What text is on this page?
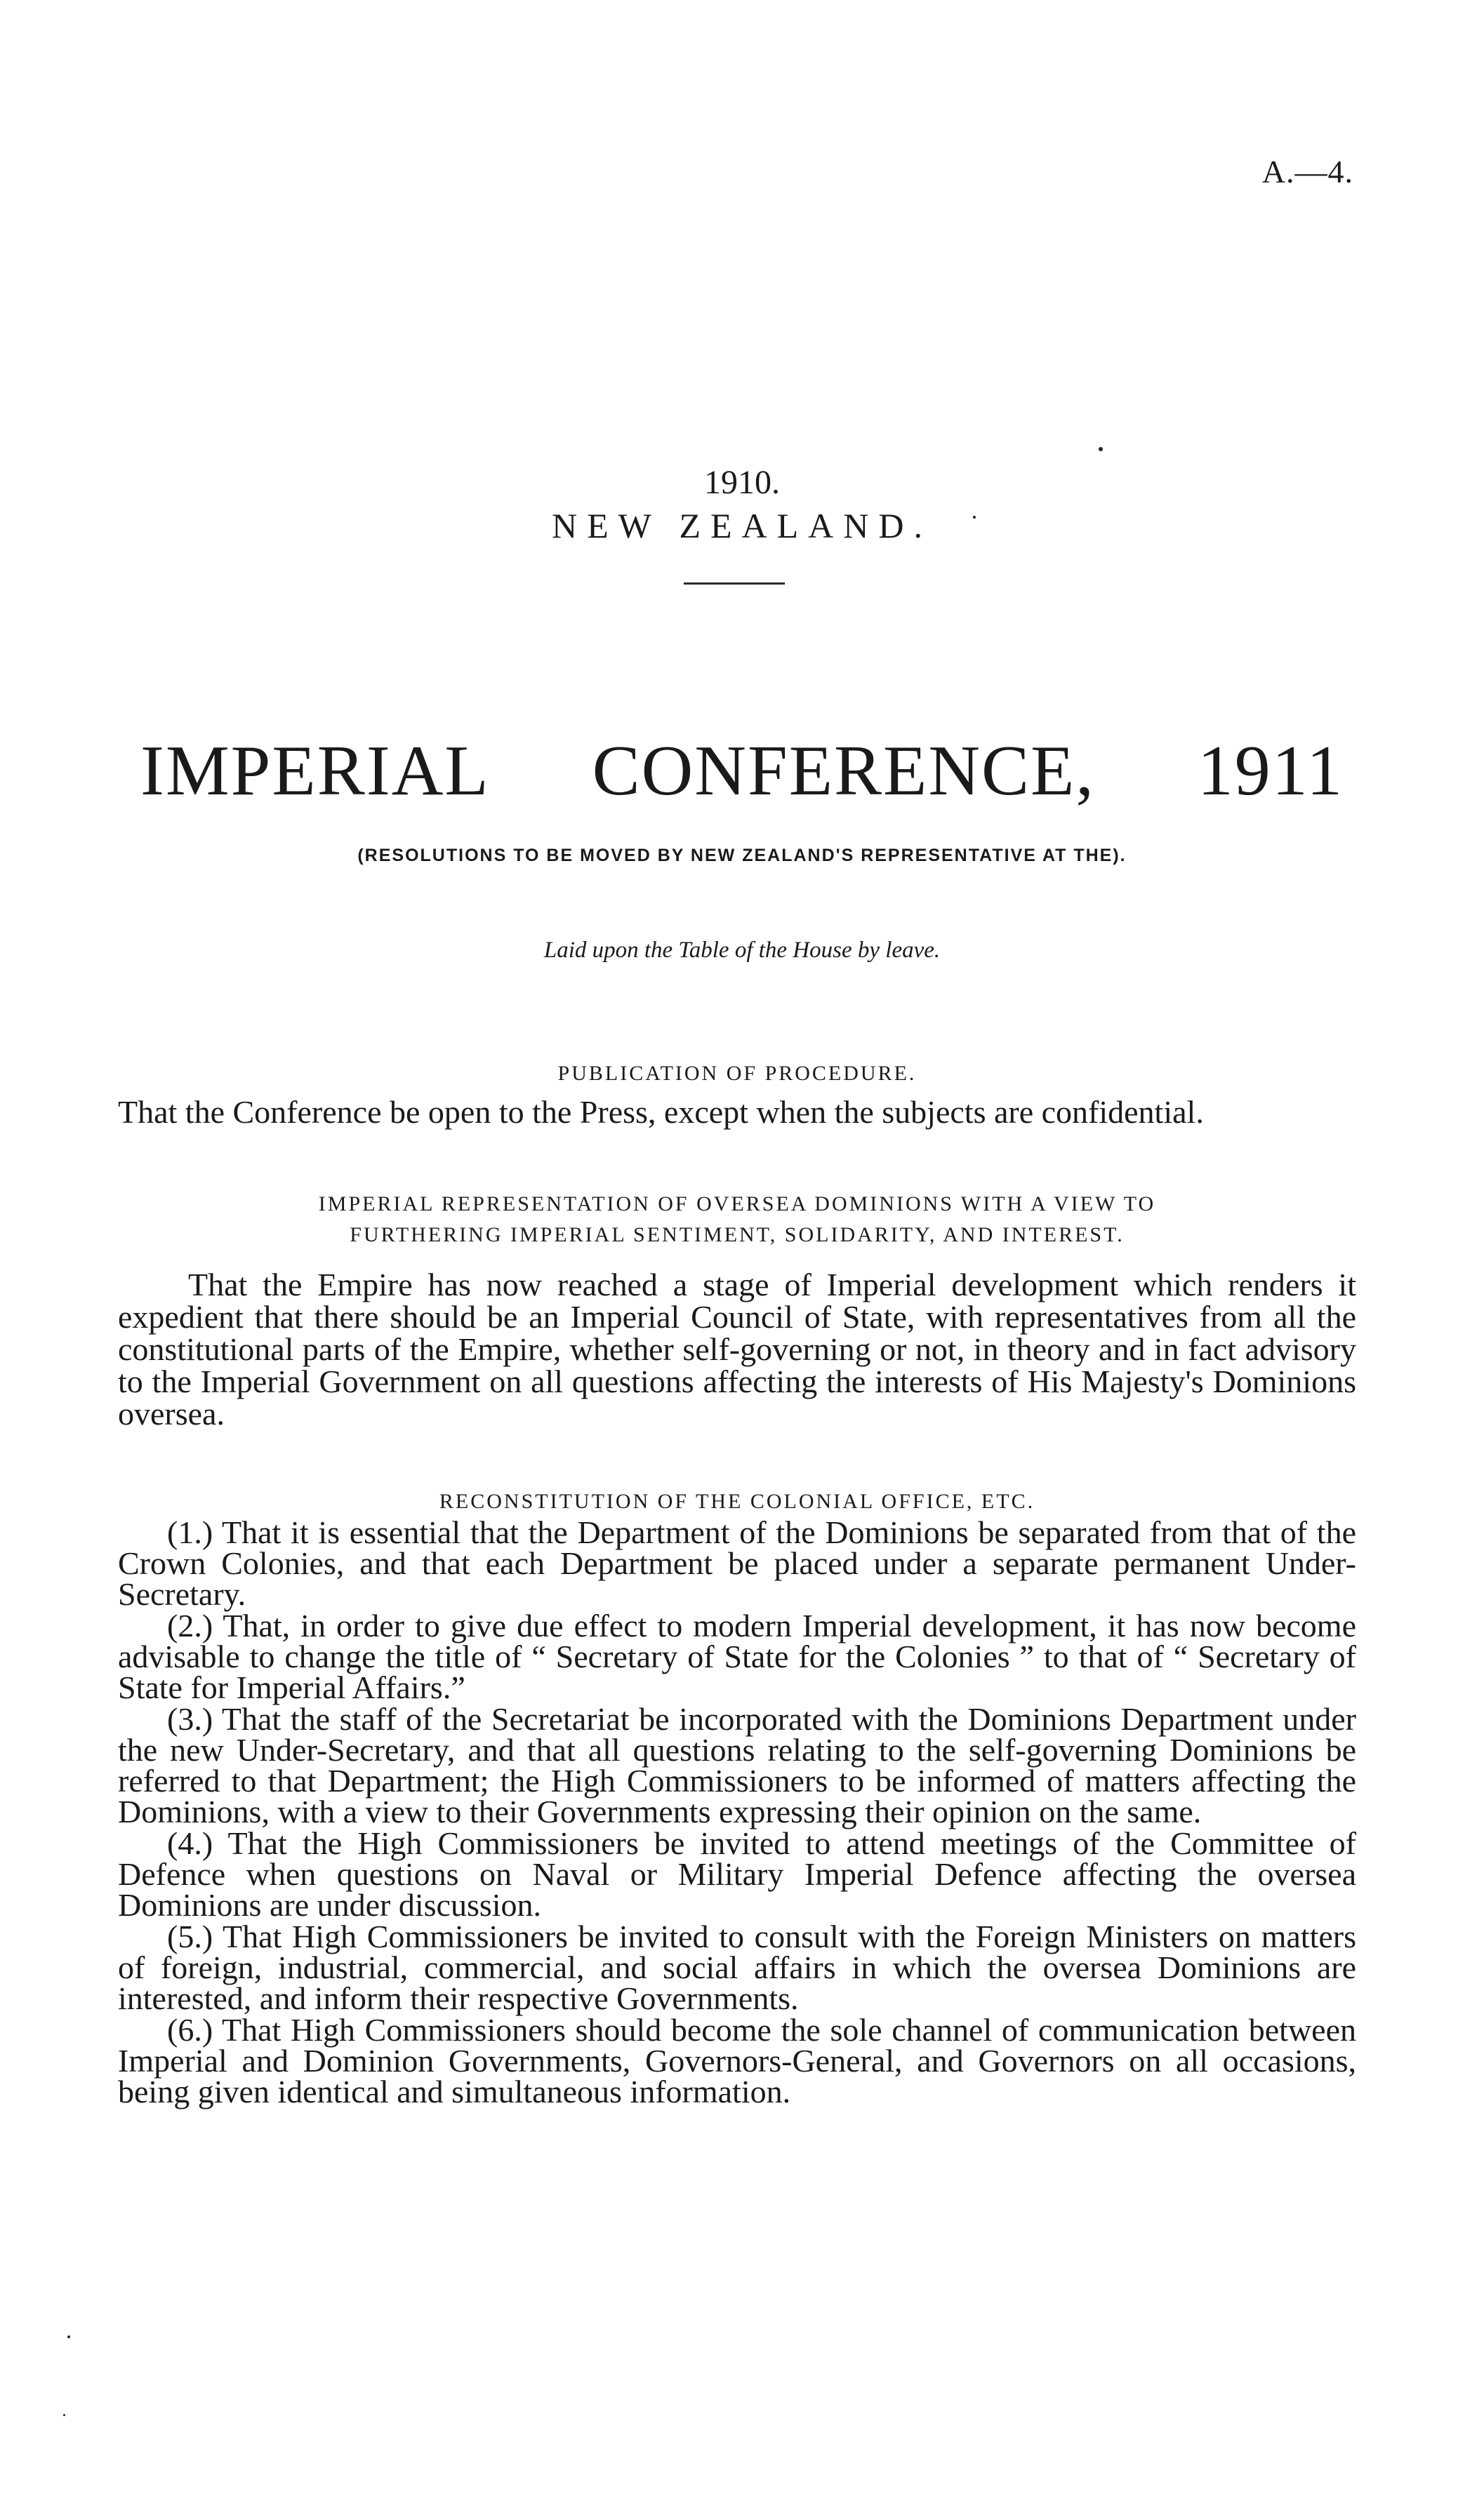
A.—4.
1910.
NEW ZEALAND.
IMPERIAL CONFERENCE, 1911
(RESOLUTIONS TO BE MOVED BY NEW ZEALAND'S REPRESENTATIVE AT THE).
Laid upon the Table of the House by leave.
PUBLICATION OF PROCEDURE.

That the Conference be open to the Press, except when the subjects are confidential.

IMPERIAL REPRESENTATION OF OVERSEA DOMINIONS WITH A VIEW TO
FURTHERING IMPERIAL SENTIMENT, SOLIDARITY, AND INTEREST.

That the Empire has now reached a stage of Imperial development which renders it expedient that there should be an Imperial Council of State, with representatives from all the constitutional parts of the Empire, whether self-governing or not, in theory and in fact advisory to the Imperial Government on all questions affecting the interests of His Majesty's Dominions oversea.

RECONSTITUTION OF THE COLONIAL OFFICE, ETC.

(1.) That it is essential that the Department of the Dominions be separated from that of the Crown Colonies, and that each Department be placed under a separate permanent Under-Secretary.

(2.) That, in order to give due effect to modern Imperial development, it has now become advisable to change the title of “ Secretary of State for the Colonies ” to that of “ Secretary of State for Imperial Affairs.”

(3.) That the staff of the Secretariat be incorporated with the Dominions Department under the new Under-Secretary, and that all questions relating to the self-governing Dominions be referred to that Department; the High Commissioners to be informed of matters affecting the Dominions, with a view to their Governments expressing their opinion on the same.

(4.) That the High Commissioners be invited to attend meetings of the Committee of Defence when questions on Naval or Military Imperial Defence affecting the oversea Dominions are under discussion.

(5.) That High Commissioners be invited to consult with the Foreign Ministers on matters of foreign, industrial, commercial, and social affairs in which the oversea Dominions are interested, and inform their respective Governments.

(6.) That High Commissioners should become the sole channel of communication between Imperial and Dominion Governments, Governors-General, and Governors on all occasions, being given identical and simultaneous information.
